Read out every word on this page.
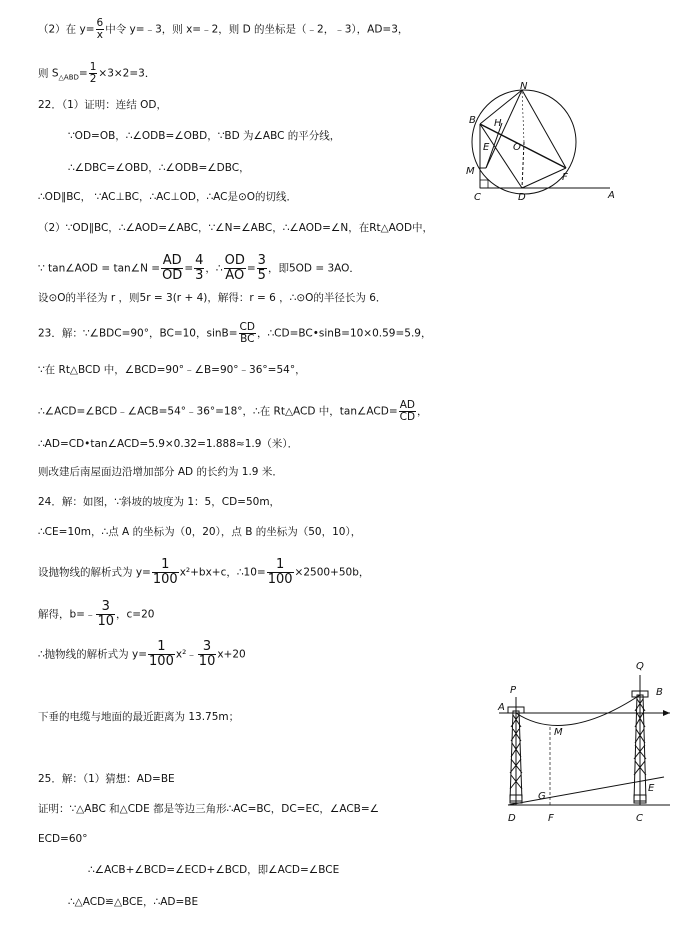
（2）在 $y= \frac{6}{x}$ 中令 y=﹣3，则 x=﹣2，则 D 的坐标是（﹣2，﹣3），AD=3，
则 $S_{\triangle ABD}= \frac{1}{2} \times 3\times 2=3$．
22．（1）证明：连结 OD，
∵OD=OB，∴∠ODB=∠OBD，∵BD 为∠ABC 的平分线，
∴∠DBC=∠OBD，∴∠ODB=∠DBC，
∴OD∥BC， ∵AC⊥BC，∴AC⊥OD，∴AC是⊙O的切线．
（2）∵OD∥BC，∴∠AOD=∠ABC，∵∠N=∠ABC，∴∠AOD=∠N，在Rt△AOD中，
∵ tan∠AOD = tan∠N = $\frac{AD}{OD} = \frac{4}{3}$ ，∴ $\frac{OD}{AO} = \frac{3}{5}$ ，即5OD = 3AO．
设⊙O的半径为 r ，则5r = 3(r + 4)，解得：r = 6 ，∴⊙O的半径长为 6．
23．解：∵∠BDC=90°，BC=10，$\sin B= \frac{CD}{BC}$ ，∴CD=BC•sinB=10×0.59=5.9，
∵在 Rt△BCD 中，∠BCD=90°﹣∠B=90°﹣36°=54°，
∴∠ACD=∠BCD﹣∠ACB=54°﹣36°=18°，∴在 Rt△ACD 中，tan∠ACD= $\frac{AD}{CD}$ ，
∴AD=CD•tan∠ACD=5.9×0.32=1.888≈1.9（米）．
则改建后南屋面边沿增加部分 AD 的长约为 1.9 米．
24．解：如图，∵斜坡的坡度为 1：5，CD=50m，
∴CE=10m，∴点 A 的坐标为（0，20），点 B 的坐标为（50，10），
设抛物线的解析式为 $y= \frac{1}{100} x^2+bx+c$，∴10= $\frac{1}{100} \times 2500+50b$，
解得，b=﹣ $\frac{3}{10}$ ，c=20
∴抛物线的解析式为 $y= \frac{1}{100}$ x²﹣ $\frac{3}{10} x+20$
下垂的电缆与地面的最近距离为 13.75m；
25．解：（1）猜想：AD=BE
证明：∵△ABC 和△CDE 都是等边三角形∴AC=BC，DC=EC，∠ACB=∠
ECD=60°
∴∠ACB+∠BCD=∠ECD+∠BCD，即∠ACD=∠BCE
∴△ACD≌△BCE，∴AD=BE
N
B H
O
E
M
F
C	D	A
Q
P	B
A
M
G
E
D	F	C
